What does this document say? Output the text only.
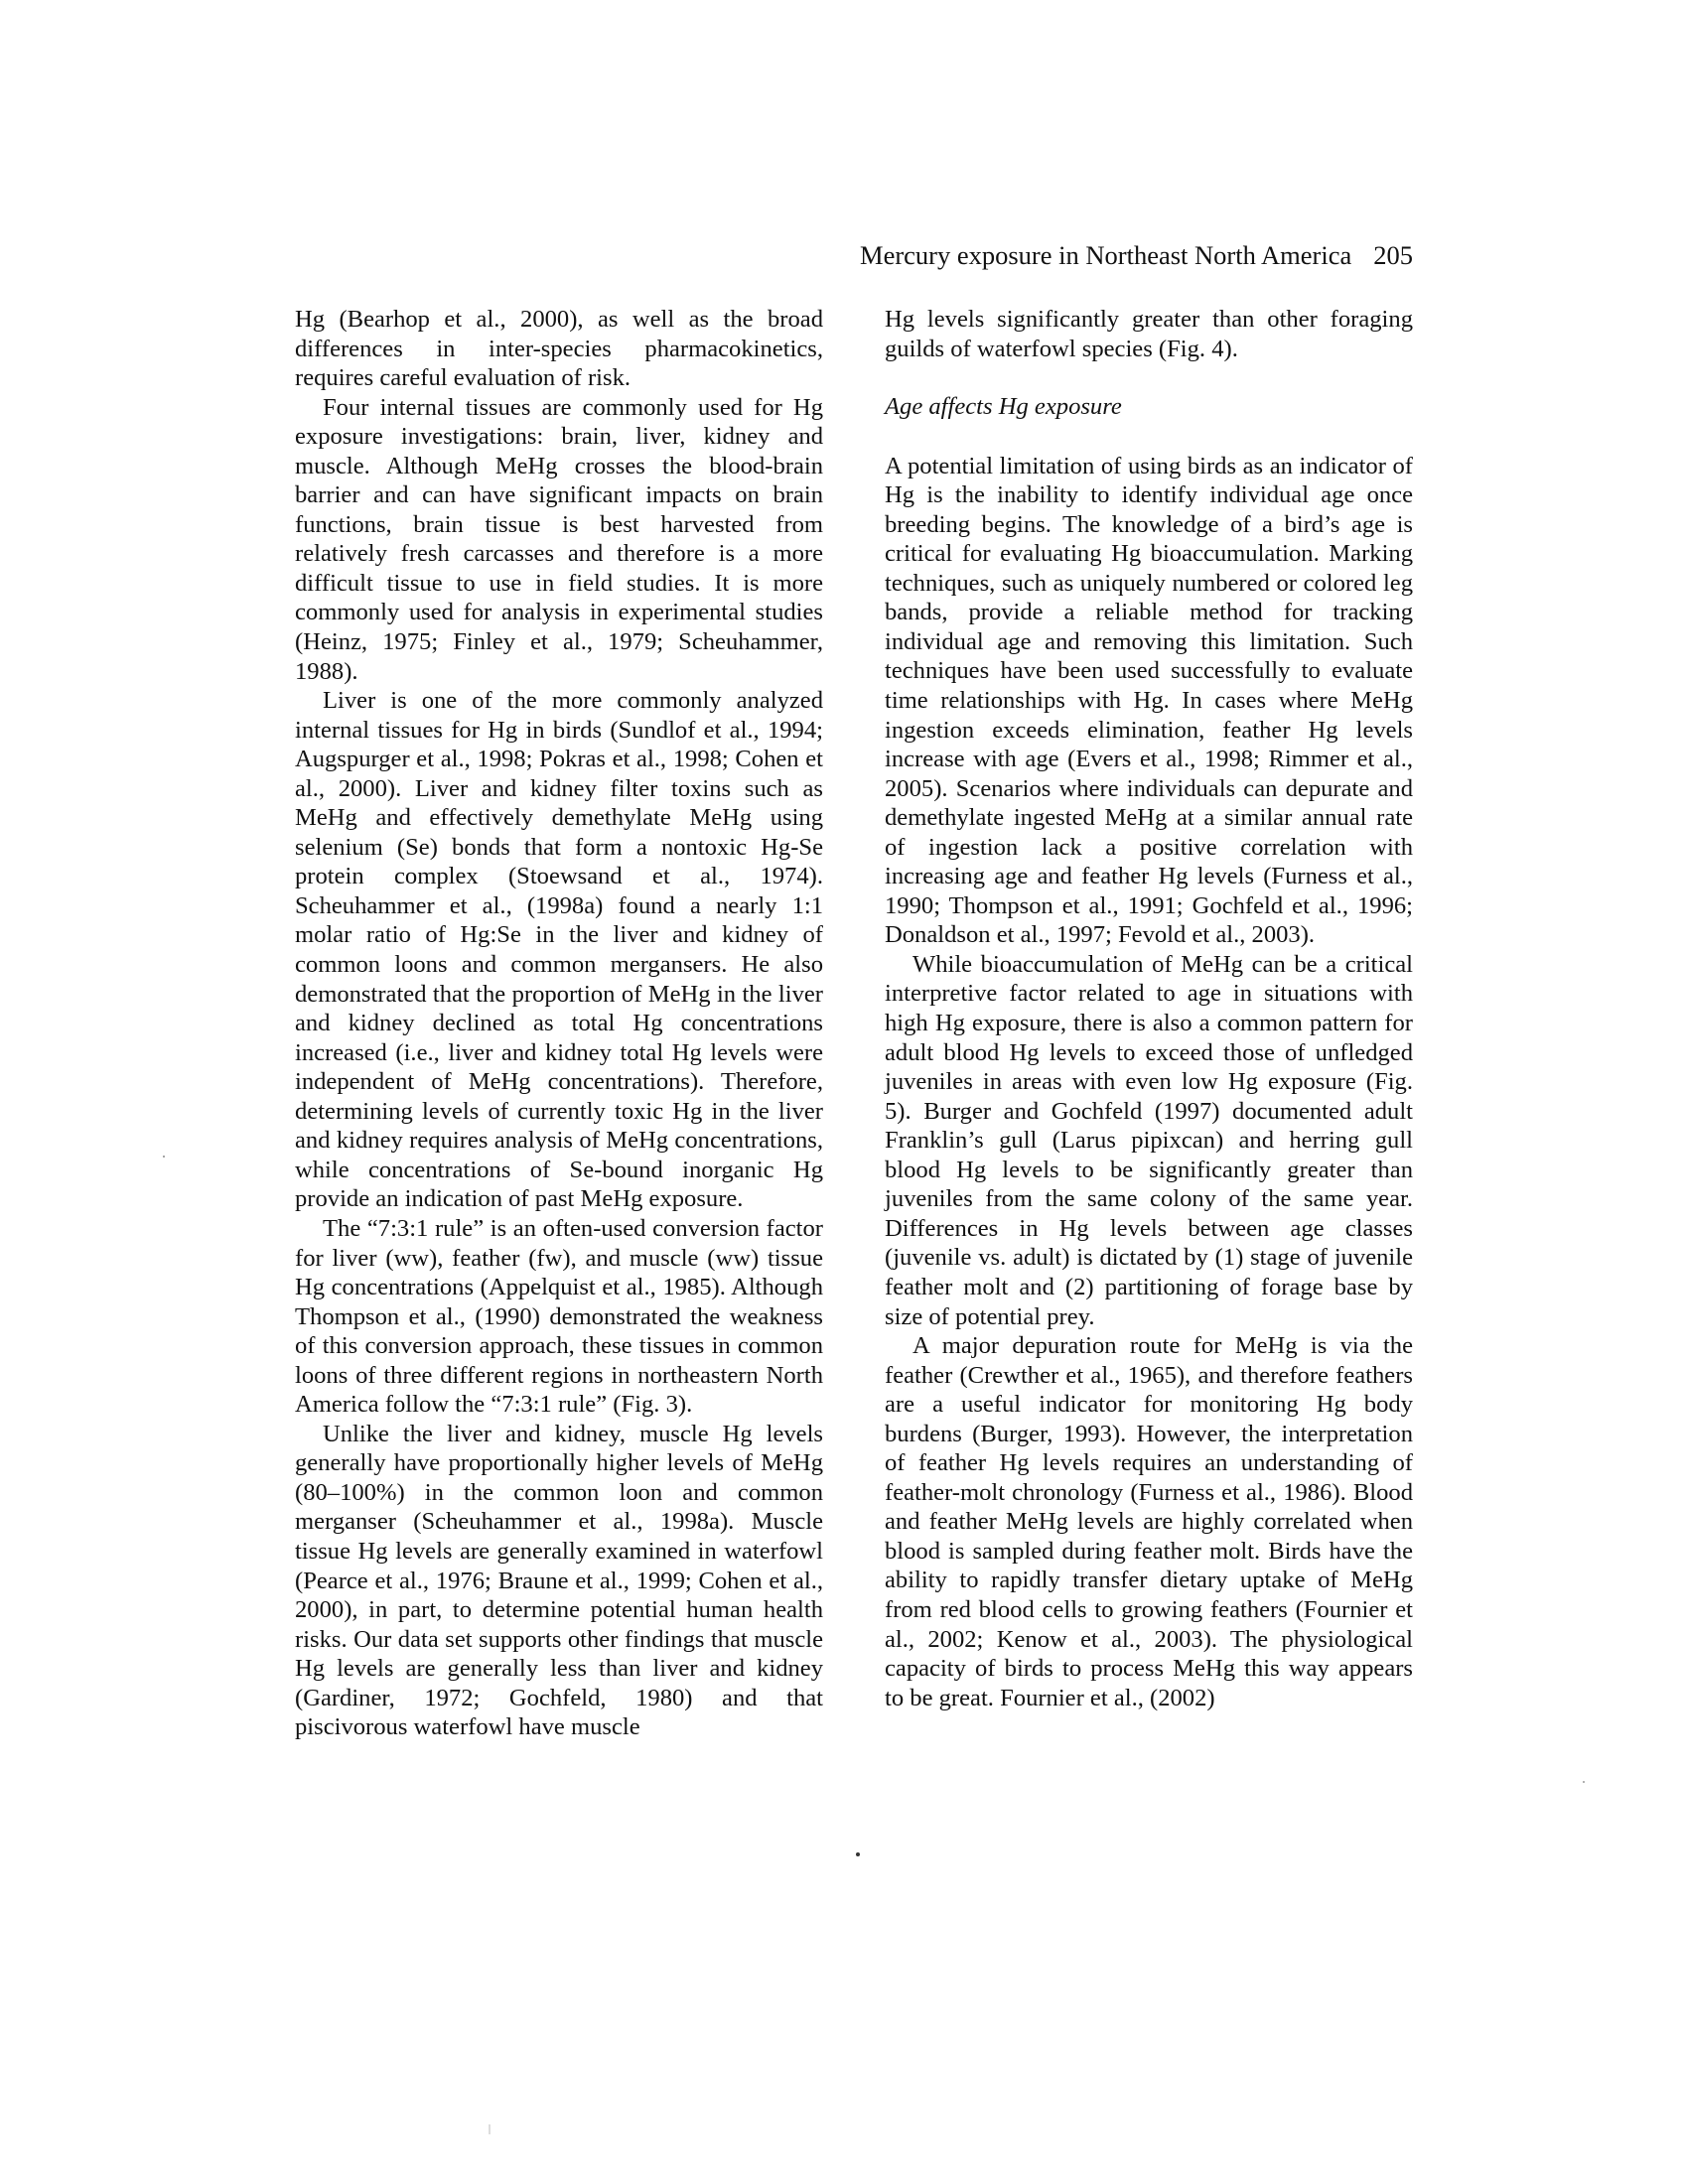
Mercury exposure in Northeast North America 205

Hg (Bearhop et al., 2000), as well as the broad differences in inter-species pharmacokinetics, requires careful evaluation of risk.

Four internal tissues are commonly used for Hg exposure investigations: brain, liver, kidney and muscle. Although MeHg crosses the blood-brain barrier and can have significant impacts on brain functions, brain tissue is best harvested from relatively fresh carcasses and therefore is a more difficult tissue to use in field studies. It is more commonly used for analysis in experimental studies (Heinz, 1975; Finley et al., 1979; Scheuhammer, 1988).

Liver is one of the more commonly analyzed internal tissues for Hg in birds (Sundlof et al., 1994; Augspurger et al., 1998; Pokras et al., 1998; Cohen et al., 2000). Liver and kidney filter toxins such as MeHg and effectively demethylate MeHg using selenium (Se) bonds that form a nontoxic Hg-Se protein complex (Stoewsand et al., 1974). Scheuhammer et al., (1998a) found a nearly 1:1 molar ratio of Hg:Se in the liver and kidney of common loons and common mergansers. He also demonstrated that the proportion of MeHg in the liver and kidney declined as total Hg concentrations increased (i.e., liver and kidney total Hg levels were independent of MeHg concentrations). Therefore, determining levels of currently toxic Hg in the liver and kidney requires analysis of MeHg concentrations, while concentrations of Se-bound inorganic Hg provide an indication of past MeHg exposure.

The “7:3:1 rule” is an often-used conversion factor for liver (ww), feather (fw), and muscle (ww) tissue Hg concentrations (Appelquist et al., 1985). Although Thompson et al., (1990) demonstrated the weakness of this conversion approach, these tissues in common loons of three different regions in northeastern North America follow the “7:3:1 rule” (Fig. 3).

Unlike the liver and kidney, muscle Hg levels generally have proportionally higher levels of MeHg (80–100%) in the common loon and common merganser (Scheuhammer et al., 1998a). Muscle tissue Hg levels are generally examined in waterfowl (Pearce et al., 1976; Braune et al., 1999; Cohen et al., 2000), in part, to determine potential human health risks. Our data set supports other findings that muscle Hg levels are generally less than liver and kidney (Gardiner, 1972; Gochfeld, 1980) and that piscivorous waterfowl have muscle

Hg levels significantly greater than other foraging guilds of waterfowl species (Fig. 4).

Age affects Hg exposure

A potential limitation of using birds as an indicator of Hg is the inability to identify individual age once breeding begins. The knowledge of a bird’s age is critical for evaluating Hg bioaccumulation. Marking techniques, such as uniquely numbered or colored leg bands, provide a reliable method for tracking individual age and removing this limitation. Such techniques have been used successfully to evaluate time relationships with Hg. In cases where MeHg ingestion exceeds elimination, feather Hg levels increase with age (Evers et al., 1998; Rimmer et al., 2005). Scenarios where individuals can depurate and demethylate ingested MeHg at a similar annual rate of ingestion lack a positive correlation with increasing age and feather Hg levels (Furness et al., 1990; Thompson et al., 1991; Gochfeld et al., 1996; Donaldson et al., 1997; Fevold et al., 2003).

While bioaccumulation of MeHg can be a critical interpretive factor related to age in situations with high Hg exposure, there is also a common pattern for adult blood Hg levels to exceed those of unfledged juveniles in areas with even low Hg exposure (Fig. 5). Burger and Gochfeld (1997) documented adult Franklin’s gull (Larus pipixcan) and herring gull blood Hg levels to be significantly greater than juveniles from the same colony of the same year. Differences in Hg levels between age classes (juvenile vs. adult) is dictated by (1) stage of juvenile feather molt and (2) partitioning of forage base by size of potential prey.

A major depuration route for MeHg is via the feather (Crewther et al., 1965), and therefore feathers are a useful indicator for monitoring Hg body burdens (Burger, 1993). However, the interpretation of feather Hg levels requires an understanding of feather-molt chronology (Furness et al., 1986). Blood and feather MeHg levels are highly correlated when blood is sampled during feather molt. Birds have the ability to rapidly transfer dietary uptake of MeHg from red blood cells to growing feathers (Fournier et al., 2002; Kenow et al., 2003). The physiological capacity of birds to process MeHg this way appears to be great. Fournier et al., (2002)
